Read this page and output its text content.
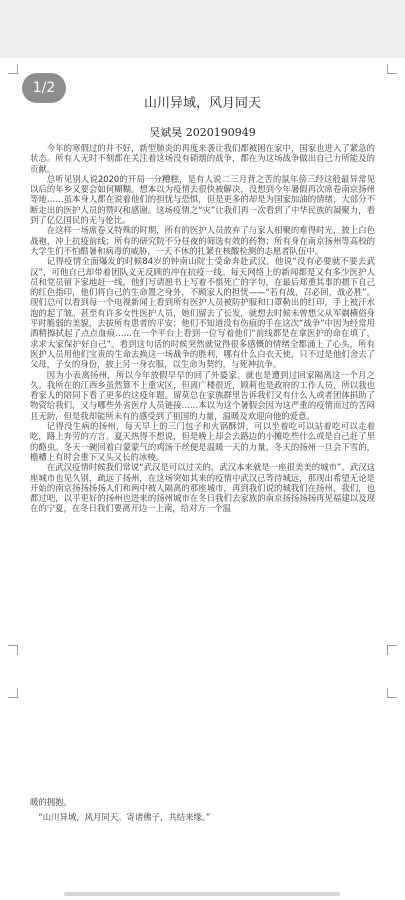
1/2
山川异域，风月同天
吴斌昊 2020190949

今年的寒假过的并不好，新型肺炎的再度来袭让我们都被困在家中，国家也进入了紧急的状态。所有人无时不刻都在关注着这场没有硝烟的战争，都在为这场战争做出自己力所能及的贡献。

总听见别人说2020的开局一分糟糕，是有人说二三月背之苦的鼠年傍三经这般最异常见以后的年乡又要会如何糊糊。想本以为疫情去很快被解决，没想到今年暑假再次席卷南京扬州等地……虽本身人都在说着他们的担忧与恐惧，但是更多的却是为国家加油的情绪，大部分不断走出的医护人员的赞叹和感谢。这场疫情之“灾”让我们再一次看到了中华民族的凝聚力，看到了亿亿国民的无与伦比。

在这样一场席卷又特殊的时期，所有的医护人员放弃了与家人相聚的难得时光，披上白色战袍，冲上抗疫前线；所有的研究院不分昼夜的筛选有效的药物；所有身在南京扬州等高校的大学生们不怕酷暑和病毒的威胁，一天不休的扎紧在核酸检测的志愿者队伍中。

记得疫情全面爆发的时候84岁的钟南山院士受命奔赴武汉。他说“没有必要就不要去武汉”，可他自己却带着团队义无反顾的冲在抗疫一线。每天网络上的新闻都是又有多少医护人员和党员留下家地赶一线，他们写请愿书上写着不惧死亡的字句，在最后郑重其事的摁下自己的红色指印，他们将自己的生命置之身外，不顾家人的担忧——“若有战，召必回，战必胜”。现们总可以看到每一个电视新闻上看到所有医护人员被防护服和口罩勒出的红印，手上被汗水泡的起了皱。甚至有许多女性医护人员，她们留去了长发，就想去时候未曾想父从军剃横俗身平时脆弱的美貌，去拔所有患者的平安；他们不知道没有伤痕的手在这次“战争”中因为经常用酒精擦拭起了点点血痕……在一个平台上看到一位写着他们“前线都是在拿医护的命在填了，求求大家保护好自己”。看到这句话的时候突然就觉得很多感慨的情绪全都涌上了心头，所有医护人员用他们宝贵的生命去换这一场战争的胜利，哪有什么白衣天使，只不过是他们舍去了父母，子女的身份，披上另一身衣服，以生命为契约，与死神抗争。

因为小表离扬州，所以今年放假早早的回了外婆家。就也是遭到过回家隔离这一个月之久。我所在的江西乡虽然算不上重灾区，但离广楼很近，顾莉也是政府的工作人员，所以我也看家人的陪同下看了更多的这疫年题。留莫总在家族群里告诉我们又有什么人或者团体捐助了物资给我们，又与哪些外省医疗人员链接……本以为这个暑假会因为这严重的疫情而过的苦闷且无助，但是我却能所未有的感受到了祖国的力量，温暖及欢迎向他的爱意。

记得没生病的扬州，每天早上的三门包子和火锅酥饼，可以坐着吃可以站着吃可以走着吃，路上奔劳的方言。夏天热得不想说，但是晚上却会去路边的小摊吃些什么或是自己赶了里的酪虫。冬天一碗回着白蒙蒙气的鸡汤干丝便是温暖一天的力量，冬天的扬州一旦会下雪的，檐槽上有时会重下又头又长的冰棱。

在武汉疫情时候我们常说“武汉是可以过关的，武汉本来就是一座很美美的城市”。武汉这座城市也见久别，疏远了扬州，在这场突如其来的疫情中武汉已等待城远，那现出希望无论是开始的南京扬扬扬扬人们和两中被人隔离的那座城市，再到我们说的城我们在扬州，我们，也都过吧，以平更好的扬州也进来的扬州城市在冬日我们去家族的南京扬扬扬扬再见福建以及现在的宁夏，在冬日我们要离开边一上南，给对方一个温

暖的拥抱。
“山川异域，风月同天。寄诸佛子，共结来缘。”
